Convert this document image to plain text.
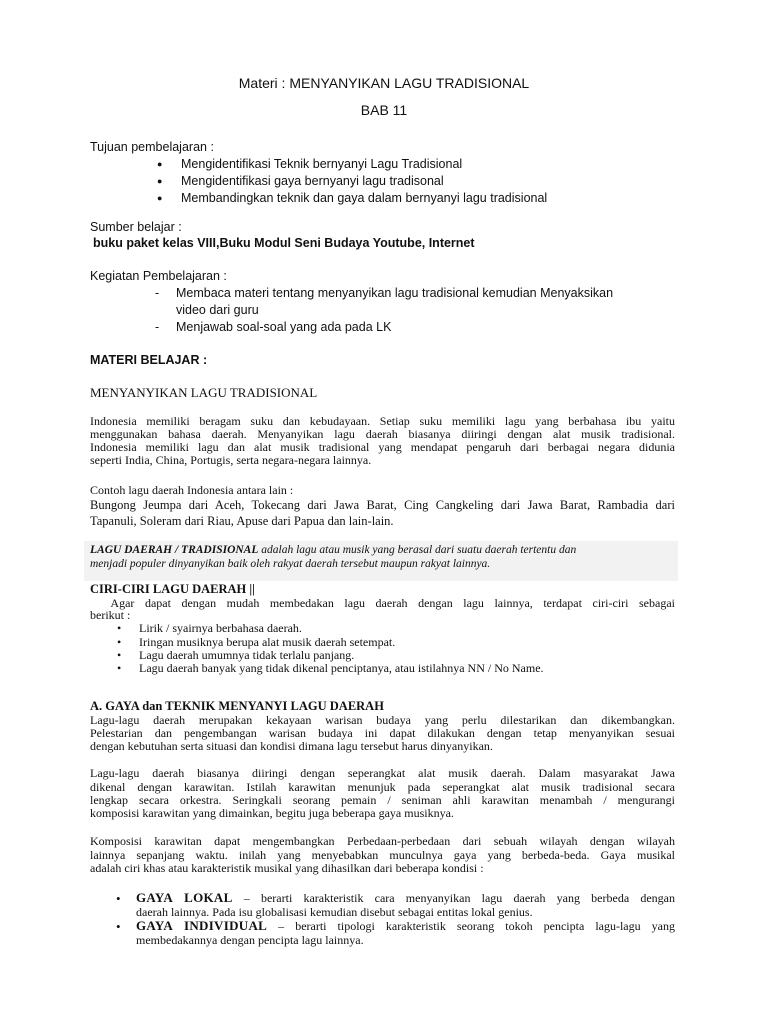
Materi : MENYANYIKAN LAGU TRADISIONAL
BAB 11
Tujuan pembelajaran :
● Mengidentifikasi Teknik bernyanyi Lagu Tradisional
● Mengidentifikasi gaya bernyanyi lagu tradisonal
● Membandingkan teknik dan gaya dalam bernyanyi lagu tradisional
Sumber belajar :
buku paket kelas VIII,Buku Modul Seni Budaya Youtube, Internet
Kegiatan Pembelajaran :
- Membaca materi tentang menyanyikan lagu tradisional kemudian Menyaksikan
video dari guru
- Menjawab soal-soal yang ada pada LK
MATERI BELAJAR :
MENYANYIKAN LAGU TRADISIONAL
Indonesia memiliki beragam suku dan kebudayaan. Setiap suku memiliki lagu yang berbahasa ibu yaitu
menggunakan bahasa daerah. Menyanyikan lagu daerah biasanya diiringi dengan alat musik tradisional.
Indonesia memiliki lagu dan alat musik tradisional yang mendapat pengaruh dari berbagai negara didunia
seperti India, China, Portugis, serta negara-negara lainnya.
Contoh lagu daerah Indonesia antara lain :
Bungong Jeumpa dari Aceh, Tokecang dari Jawa Barat, Cing Cangkeling dari Jawa Barat, Rambadia dari
Tapanuli, Soleram dari Riau, Apuse dari Papua dan lain-lain.
LAGU DAERAH / TRADISIONAL adalah lagu atau musik yang berasal dari suatu daerah tertentu dan
menjadi populer dinyanyikan baik oleh rakyat daerah tersebut maupun rakyat lainnya.
CIRI-CIRI LAGU DAERAH ||
Agar dapat dengan mudah membedakan lagu daerah dengan lagu lainnya, terdapat ciri-ciri sebagai
berikut :
• Lirik / syairnya berbahasa daerah.
• Iringan musiknya berupa alat musik daerah setempat.
• Lagu daerah umumnya tidak terlalu panjang.
• Lagu daerah banyak yang tidak dikenal penciptanya, atau istilahnya NN / No Name.
A. GAYA dan TEKNIK MENYANYI LAGU DAERAH
Lagu-lagu daerah merupakan kekayaan warisan budaya yang perlu dilestarikan dan dikembangkan.
Pelestarian dan pengembangan warisan budaya ini dapat dilakukan dengan tetap menyanyikan sesuai
dengan kebutuhan serta situasi dan kondisi dimana lagu tersebut harus dinyanyikan.
Lagu-lagu daerah biasanya diiringi dengan seperangkat alat musik daerah. Dalam masyarakat Jawa
dikenal dengan karawitan. Istilah karawitan menunjuk pada seperangkat alat musik tradisional secara
lengkap secara orkestra. Seringkali seorang pemain / seniman ahli karawitan menambah / mengurangi
komposisi karawitan yang dimainkan, begitu juga beberapa gaya musiknya.
Komposisi karawitan dapat mengembangkan Perbedaan-perbedaan dari sebuah wilayah dengan wilayah
lainnya sepanjang waktu. inilah yang menyebabkan munculnya gaya yang berbeda-beda. Gaya musikal
adalah ciri khas atau karakteristik musikal yang dihasilkan dari beberapa kondisi :
• GAYA LOKAL – berarti karakteristik cara menyanyikan lagu daerah yang berbeda dengan
daerah lainnya. Pada isu globalisasi kemudian disebut sebagai entitas lokal genius.
• GAYA INDIVIDUAL – berarti tipologi karakteristik seorang tokoh pencipta lagu-lagu yang
membedakannya dengan pencipta lagu lainnya.
